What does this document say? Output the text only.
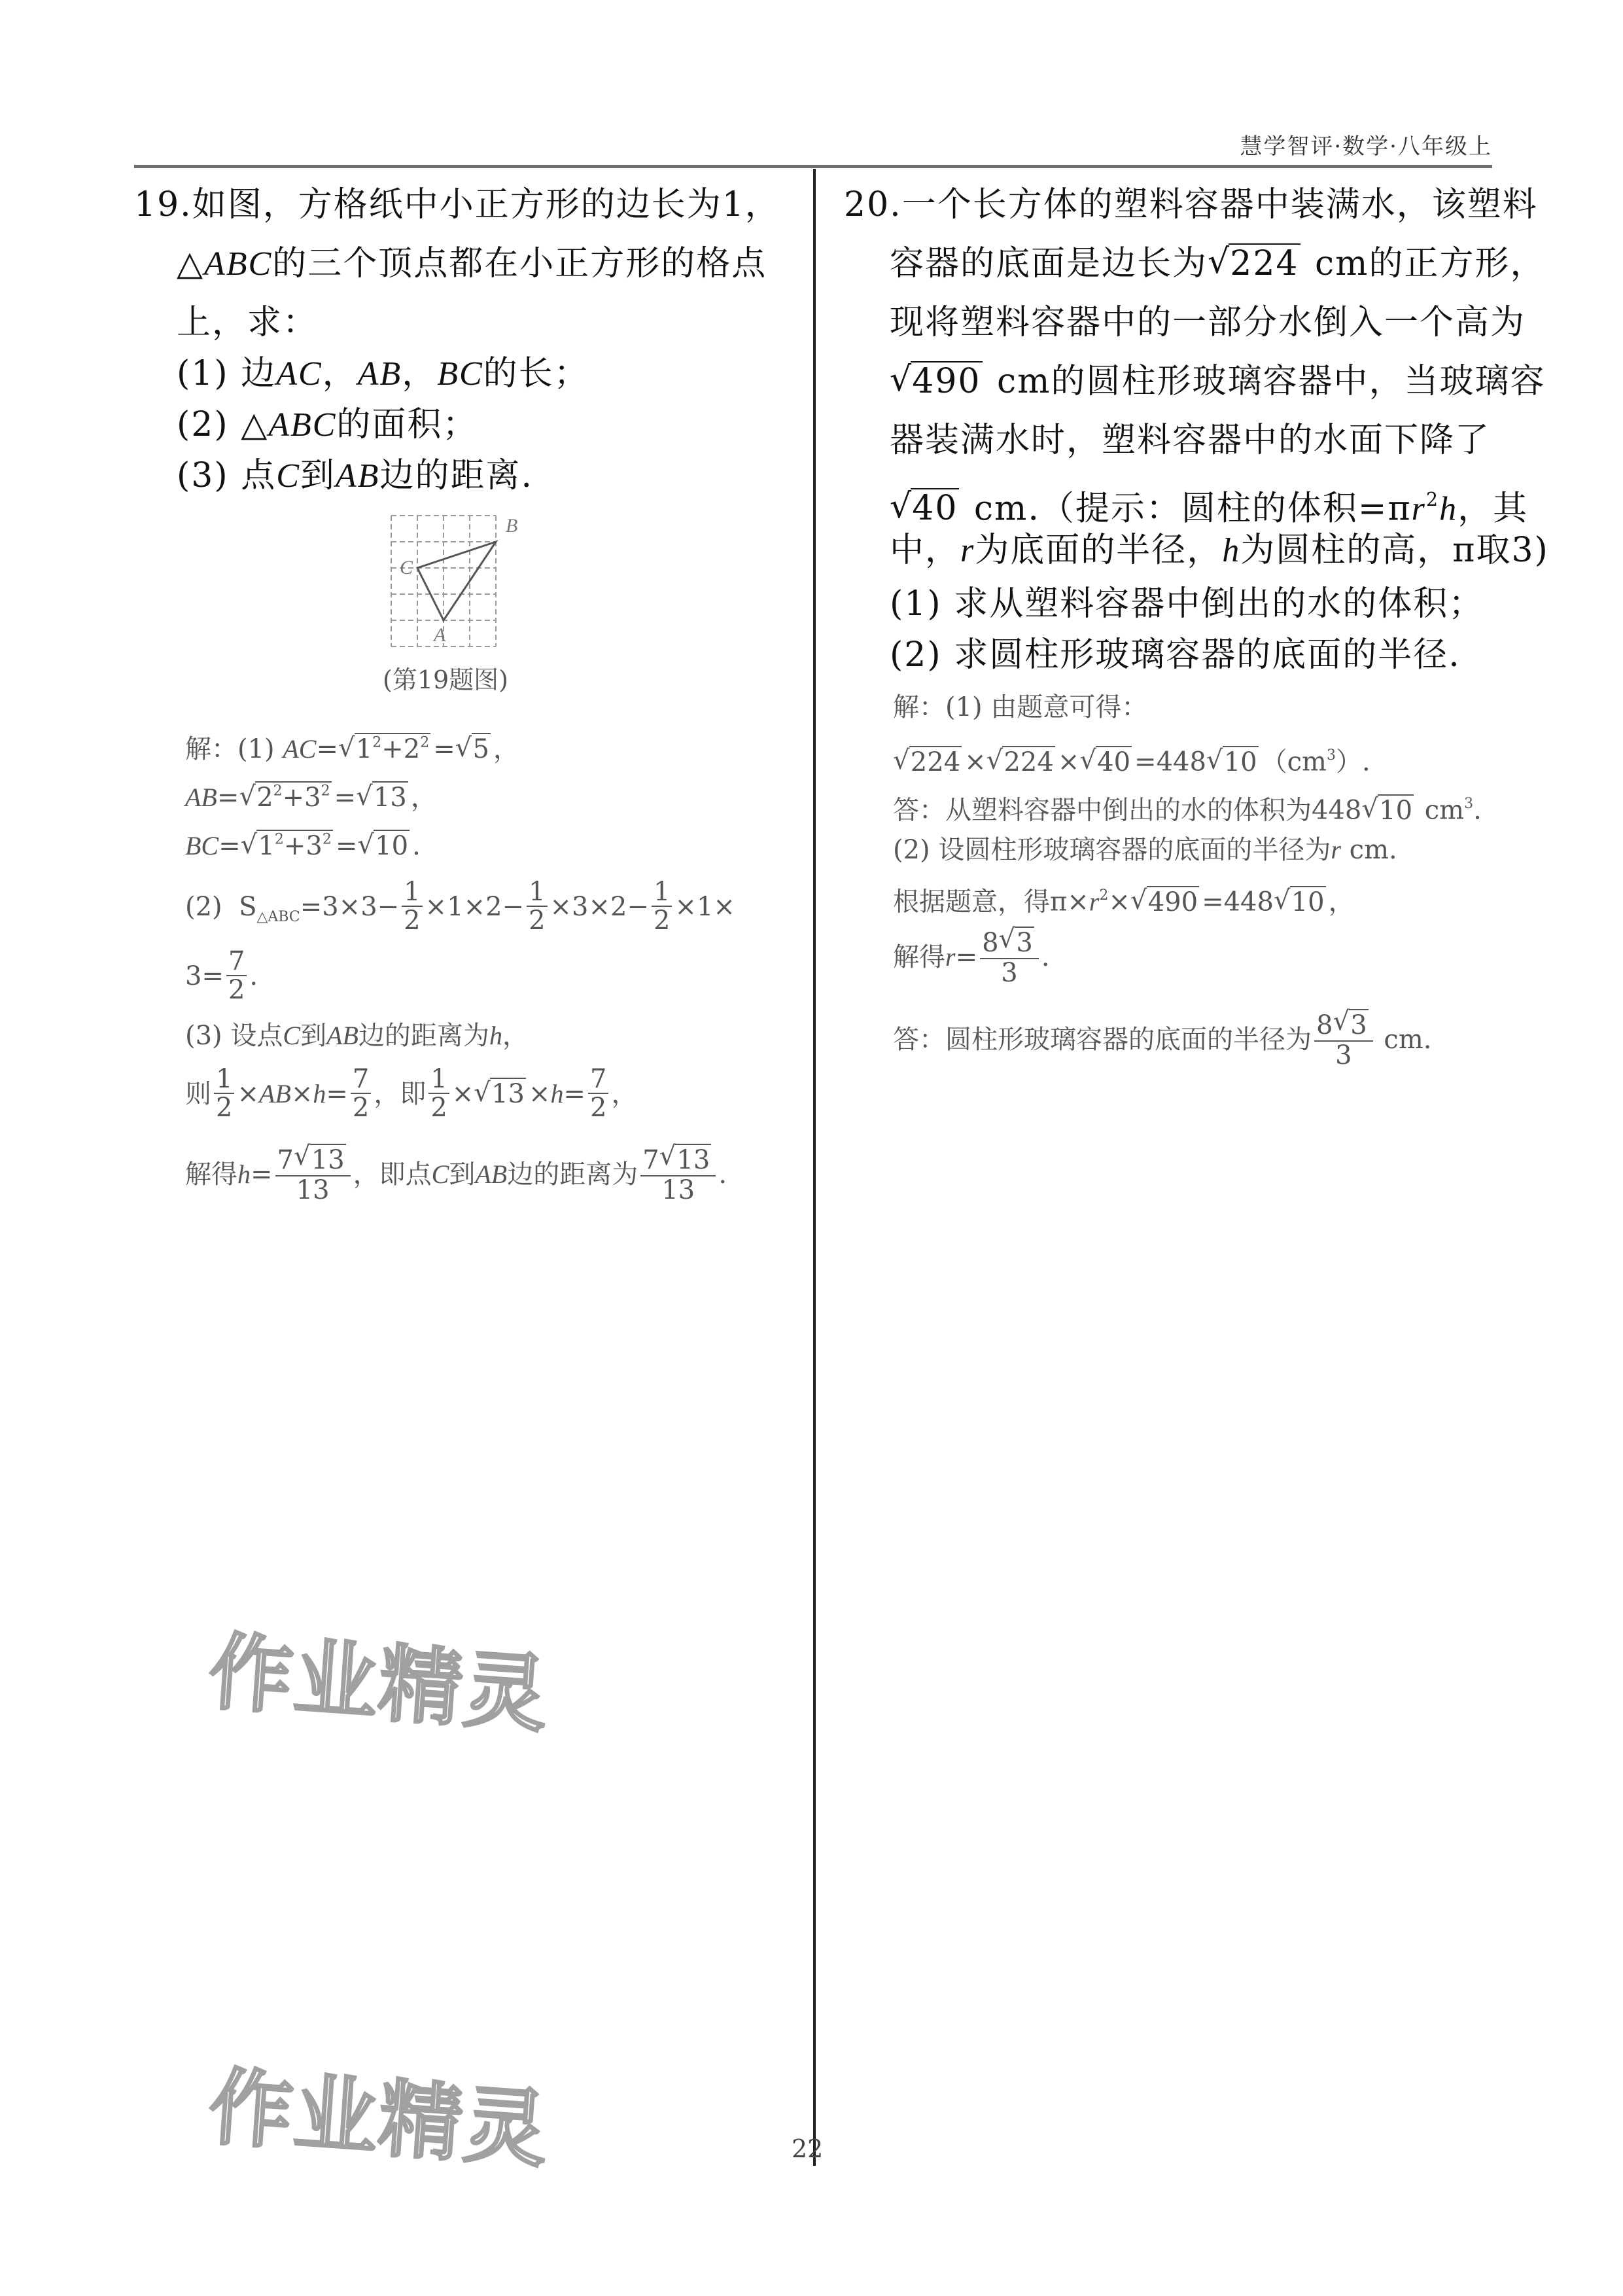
慧学智评·数学·八年级上
19.如图，方格纸中小正方形的边长为1，
△ABC的三个顶点都在小正方形的格点
上，求：
(1) 边AC，AB，BC的长；
(2) △ABC的面积；
(3) 点C到AB边的距离.
B
C
A
(第19题图)
解：(1) AC=√ $1^2+2^2$ =√ 5 ，
AB=√ $2^2+3^2$ =√ 13 ，
BC=√ $1^2+3^2$ =√ 10 .
(2)  $S_{\triangle ABC}=3\times 3- \frac{1}{2} \times 1\times 2- \frac{1}{2} \times 3\times 2- \frac{1}{2} \times 1\times$
$3= \frac{7}{2}$ .
(3) 设点C到AB边的距离为h，
则 $\frac{1}{2} \times AB\times h= \frac{7}{2}$ ，即 $\frac{1}{2}$ ×√ $13 \times h= \frac{7}{2}$ ，
解得$h= \frac{7√ 13}{13}$ ，即点C到AB边的距离为 $\frac{7√ 13}{13}$ .
20.一个长方体的塑料容器中装满水，该塑料
容器的底面是边长为√ 224 cm的正方形，
现将塑料容器中的一部分水倒入一个高为
√ 490 cm的圆柱形玻璃容器中，当玻璃容
器装满水时，塑料容器中的水面下降了
√ 40 cm.（提示：圆柱的体积$=\pi r^2h$，其
中，r为底面的半径，h为圆柱的高，π取3)
(1) 求从塑料容器中倒出的水的体积；
(2) 求圆柱形玻璃容器的底面的半径.
解：(1) 由题意可得：
√ 224 ×√ 224 ×√ 40 =448√ 10 $(cm^3)$.
答：从塑料容器中倒出的水的体积为448√ 10 $cm^3$.
(2) 设圆柱形玻璃容器的底面的半径为r cm.
根据题意，得$\pi\times r^2\times√$ 490 =448√ 10 ，
解得$r= \frac{8√ 3}{3}$ .
答：圆柱形玻璃容器的底面的半径为 $\frac{8√ 3}{3}$ cm.
作业精灵
作业精灵	22
